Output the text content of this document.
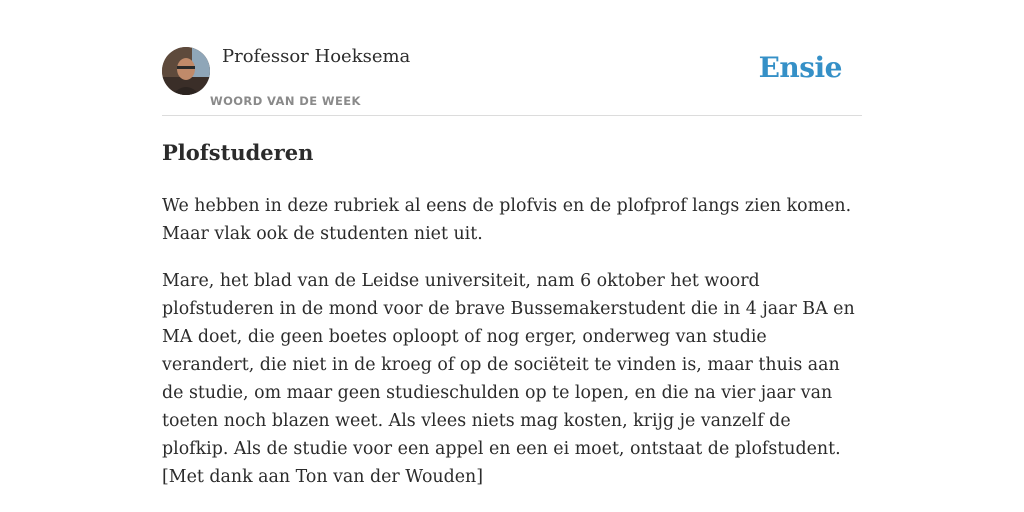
Professor Hoeksema
WOORD VAN DE WEEK
Ensie
Plofstuderen

We hebben in deze rubriek al eens de plofvis en de plofprof langs zien komen. Maar vlak ook de studenten niet uit.

Mare, het blad van de Leidse universiteit, nam 6 oktober het woord plofstuderen in de mond voor de brave Bussemakerstudent die in 4 jaar BA en MA doet, die geen boetes oploopt of nog erger, onderweg van studie verandert, die niet in de kroeg of op de sociëteit te vinden is, maar thuis aan de studie, om maar geen studieschulden op te lopen, en die na vier jaar van toeten noch blazen weet. Als vlees niets mag kosten, krijg je vanzelf de plofkip. Als de studie voor een appel en een ei moet, ontstaat de plofstudent. [Met dank aan Ton van der Wouden]
